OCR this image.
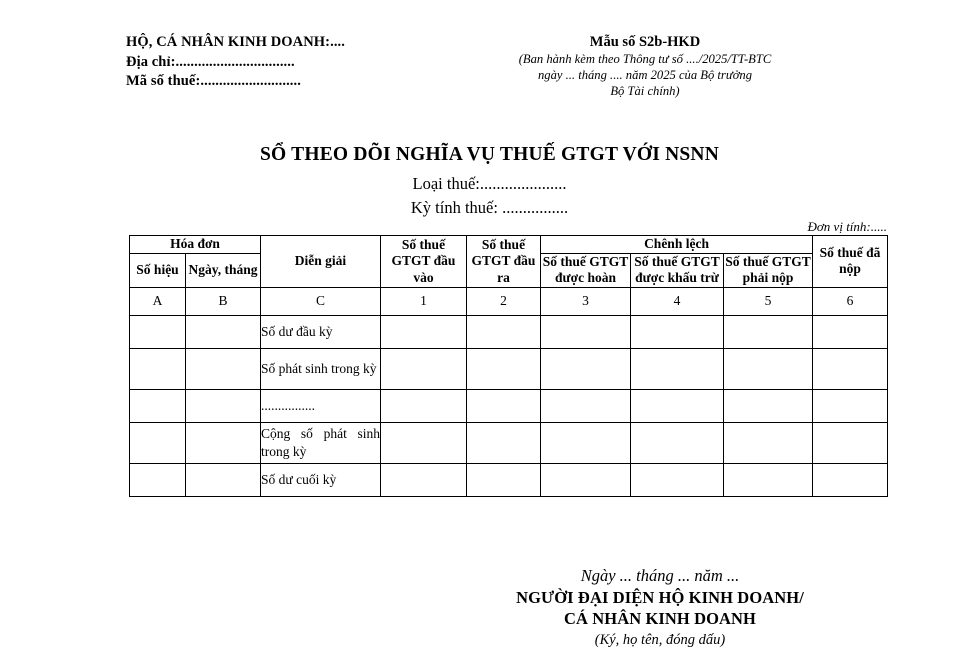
HỘ, CÁ NHÂN KINH DOANH:....
Địa chỉ:................................
Mã số thuế:...........................
Mẫu số S2b-HKD
(Ban hành kèm theo Thông tư số ..../2025/TT-BTC
ngày ... tháng .... năm 2025 của Bộ trưởng
Bộ Tài chính)
SỔ THEO DÕI NGHĨA VỤ THUẾ GTGT VỚI NSNN
Loại thuế:.....................
Kỳ tính thuế: ................
Đơn vị tính:.....
Hóa đơn		Diễn giải	Số thuế GTGT đầu vào	Số thuế GTGT đầu ra	Chênh lệch			Số thuế đã nộp
Số hiệu	Ngày, tháng				Số thuế GTGT được hoàn	Số thuế GTGT được khấu trừ	Số thuế GTGT phải nộp	
A	B	C	1	2	3	4	5	6
		Số dư đầu kỳ						
		Số phát sinh trong kỳ						
		................						
		Cộng số phát sinh trong kỳ						
		Số dư cuối kỳ						
Ngày ... tháng ... năm ...
NGƯỜI ĐẠI DIỆN HỘ KINH DOANH/
CÁ NHÂN KINH DOANH
(Ký, họ tên, đóng dấu)
